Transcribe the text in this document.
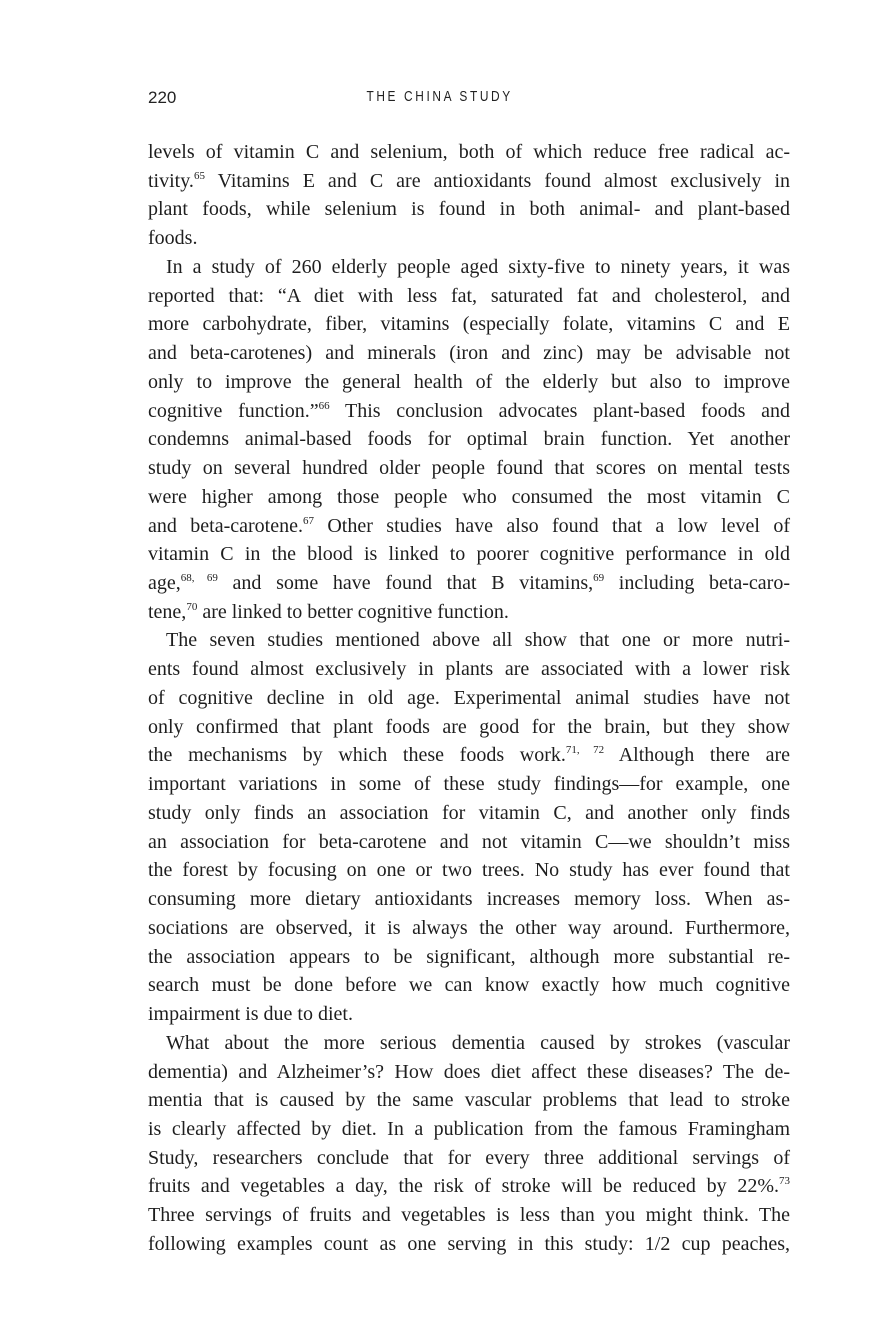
220	THE CHINA STUDY
levels of vitamin C and selenium, both of which reduce free radical ac-
tivity.$^{65}$ Vitamins E and C are antioxidants found almost exclusively in
plant foods, while selenium is found in both animal- and plant-based
foods.
In a study of 260 elderly people aged sixty-five to ninety years, it was
reported that: “A diet with less fat, saturated fat and cholesterol, and
more carbohydrate, fiber, vitamins (especially folate, vitamins C and E
and beta-carotenes) and minerals (iron and zinc) may be advisable not
only to improve the general health of the elderly but also to improve
cognitive function.”$^{66}$ This conclusion advocates plant-based foods and
condemns animal-based foods for optimal brain function. Yet another
study on several hundred older people found that scores on mental tests
were higher among those people who consumed the most vitamin C
and beta-carotene.$^{67}$ Other studies have also found that a low level of
vitamin C in the blood is linked to poorer cognitive performance in old
age,$^{68, 69}$ and some have found that B vitamins,$^{69}$ including beta-caro-
tene,$^{70}$ are linked to better cognitive function.
The seven studies mentioned above all show that one or more nutri-
ents found almost exclusively in plants are associated with a lower risk
of cognitive decline in old age. Experimental animal studies have not
only confirmed that plant foods are good for the brain, but they show
the mechanisms by which these foods work.$^{71, 72}$ Although there are
important variations in some of these study findings—for example, one
study only finds an association for vitamin C, and another only finds
an association for beta-carotene and not vitamin C—we shouldn’t miss
the forest by focusing on one or two trees. No study has ever found that
consuming more dietary antioxidants increases memory loss. When as-
sociations are observed, it is always the other way around. Furthermore,
the association appears to be significant, although more substantial re-
search must be done before we can know exactly how much cognitive
impairment is due to diet.
What about the more serious dementia caused by strokes (vascular
dementia) and Alzheimer’s? How does diet affect these diseases? The de-
mentia that is caused by the same vascular problems that lead to stroke
is clearly affected by diet. In a publication from the famous Framingham
Study, researchers conclude that for every three additional servings of
fruits and vegetables a day, the risk of stroke will be reduced by 22%.$^{73}$
Three servings of fruits and vegetables is less than you might think. The
following examples count as one serving in this study: 1/2 cup peaches,
